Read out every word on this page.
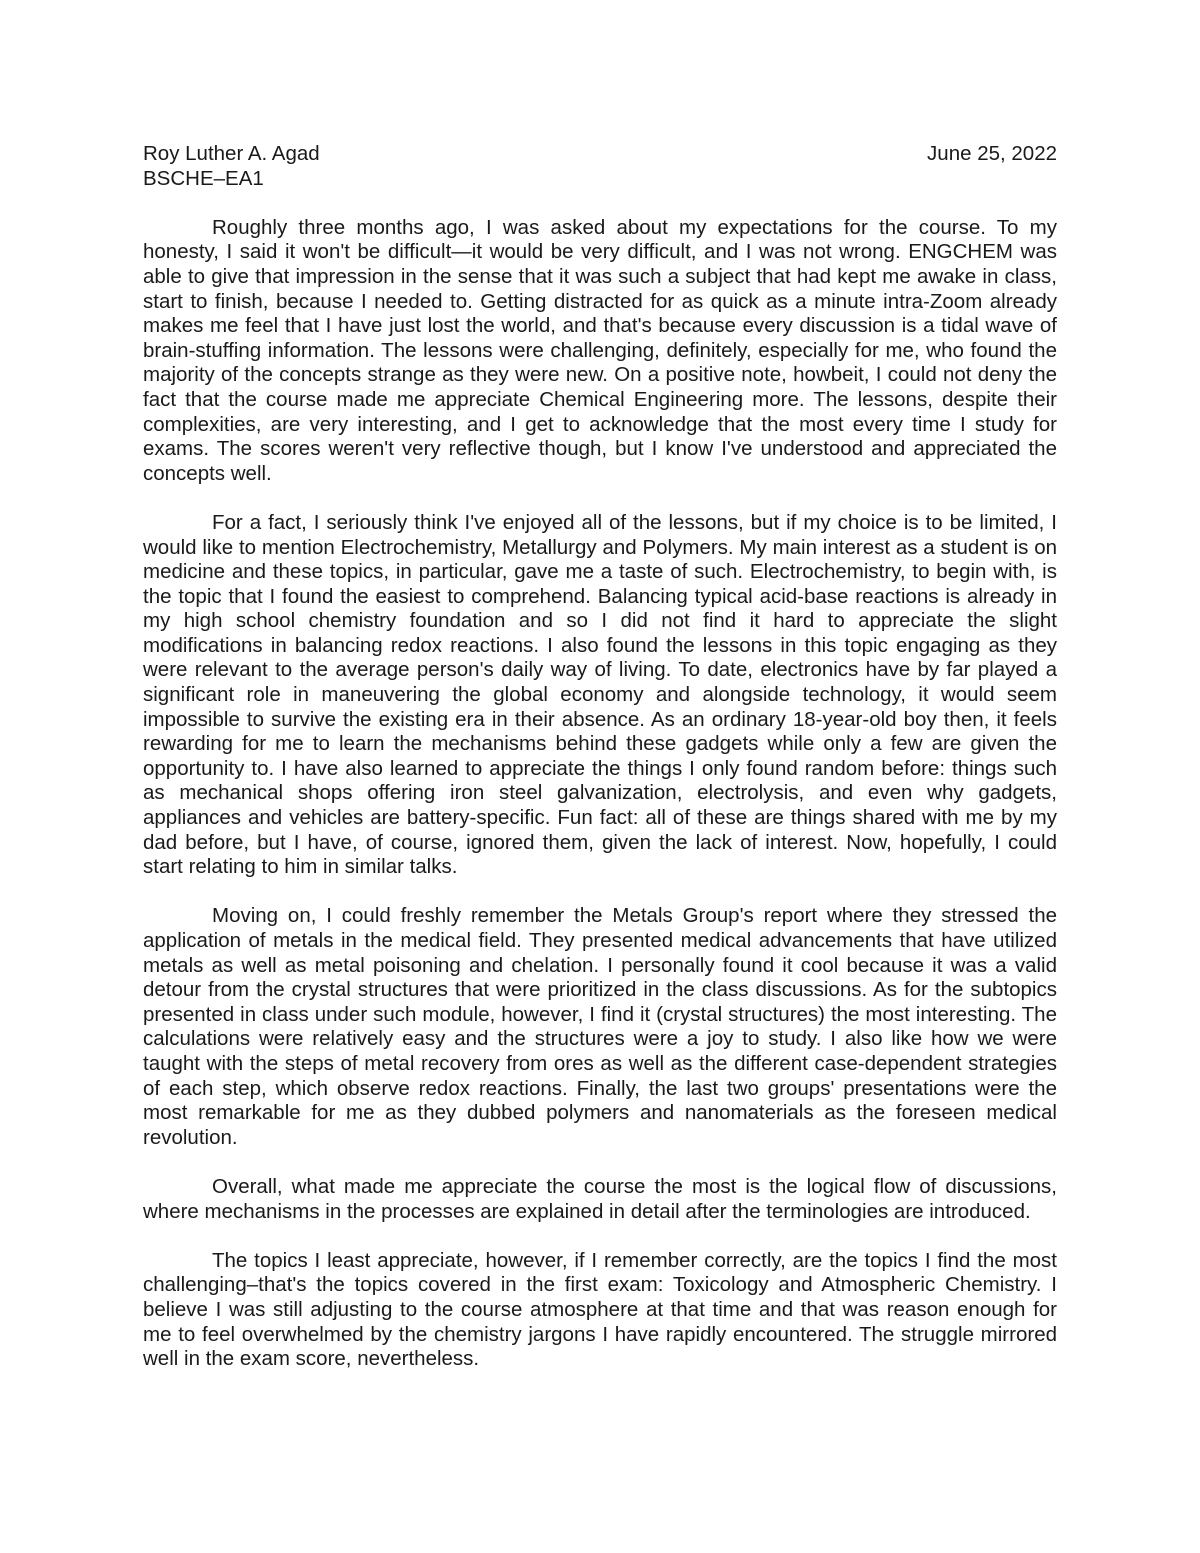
Roy Luther A. Agad	June 25, 2022
BSCHE–EA1

Roughly three months ago, I was asked about my expectations for the course. To my honesty, I said it won't be difficult—it would be very difficult, and I was not wrong. ENGCHEM was able to give that impression in the sense that it was such a subject that had kept me awake in class, start to finish, because I needed to. Getting distracted for as quick as a minute intra-Zoom already makes me feel that I have just lost the world, and that's because every discussion is a tidal wave of brain-stuffing information. The lessons were challenging, definitely, especially for me, who found the majority of the concepts strange as they were new. On a positive note, howbeit, I could not deny the fact that the course made me appreciate Chemical Engineering more. The lessons, despite their complexities, are very interesting, and I get to acknowledge that the most every time I study for exams. The scores weren't very reflective though, but I know I've understood and appreciated the concepts well.

For a fact, I seriously think I've enjoyed all of the lessons, but if my choice is to be limited, I would like to mention Electrochemistry, Metallurgy and Polymers. My main interest as a student is on medicine and these topics, in particular, gave me a taste of such. Electrochemistry, to begin with, is the topic that I found the easiest to comprehend. Balancing typical acid-base reactions is already in my high school chemistry foundation and so I did not find it hard to appreciate the slight modifications in balancing redox reactions. I also found the lessons in this topic engaging as they were relevant to the average person's daily way of living. To date, electronics have by far played a significant role in maneuvering the global economy and alongside technology, it would seem impossible to survive the existing era in their absence. As an ordinary 18-year-old boy then, it feels rewarding for me to learn the mechanisms behind these gadgets while only a few are given the opportunity to. I have also learned to appreciate the things I only found random before: things such as mechanical shops offering iron steel galvanization, electrolysis, and even why gadgets, appliances and vehicles are battery-specific. Fun fact: all of these are things shared with me by my dad before, but I have, of course, ignored them, given the lack of interest. Now, hopefully, I could start relating to him in similar talks.

Moving on, I could freshly remember the Metals Group's report where they stressed the application of metals in the medical field. They presented medical advancements that have utilized metals as well as metal poisoning and chelation. I personally found it cool because it was a valid detour from the crystal structures that were prioritized in the class discussions. As for the subtopics presented in class under such module, however, I find it (crystal structures) the most interesting. The calculations were relatively easy and the structures were a joy to study. I also like how we were taught with the steps of metal recovery from ores as well as the different case-dependent strategies of each step, which observe redox reactions. Finally, the last two groups' presentations were the most remarkable for me as they dubbed polymers and nanomaterials as the foreseen medical revolution.

Overall, what made me appreciate the course the most is the logical flow of discussions, where mechanisms in the processes are explained in detail after the terminologies are introduced.

The topics I least appreciate, however, if I remember correctly, are the topics I find the most challenging–that's the topics covered in the first exam: Toxicology and Atmospheric Chemistry. I believe I was still adjusting to the course atmosphere at that time and that was reason enough for me to feel overwhelmed by the chemistry jargons I have rapidly encountered. The struggle mirrored well in the exam score, nevertheless.
